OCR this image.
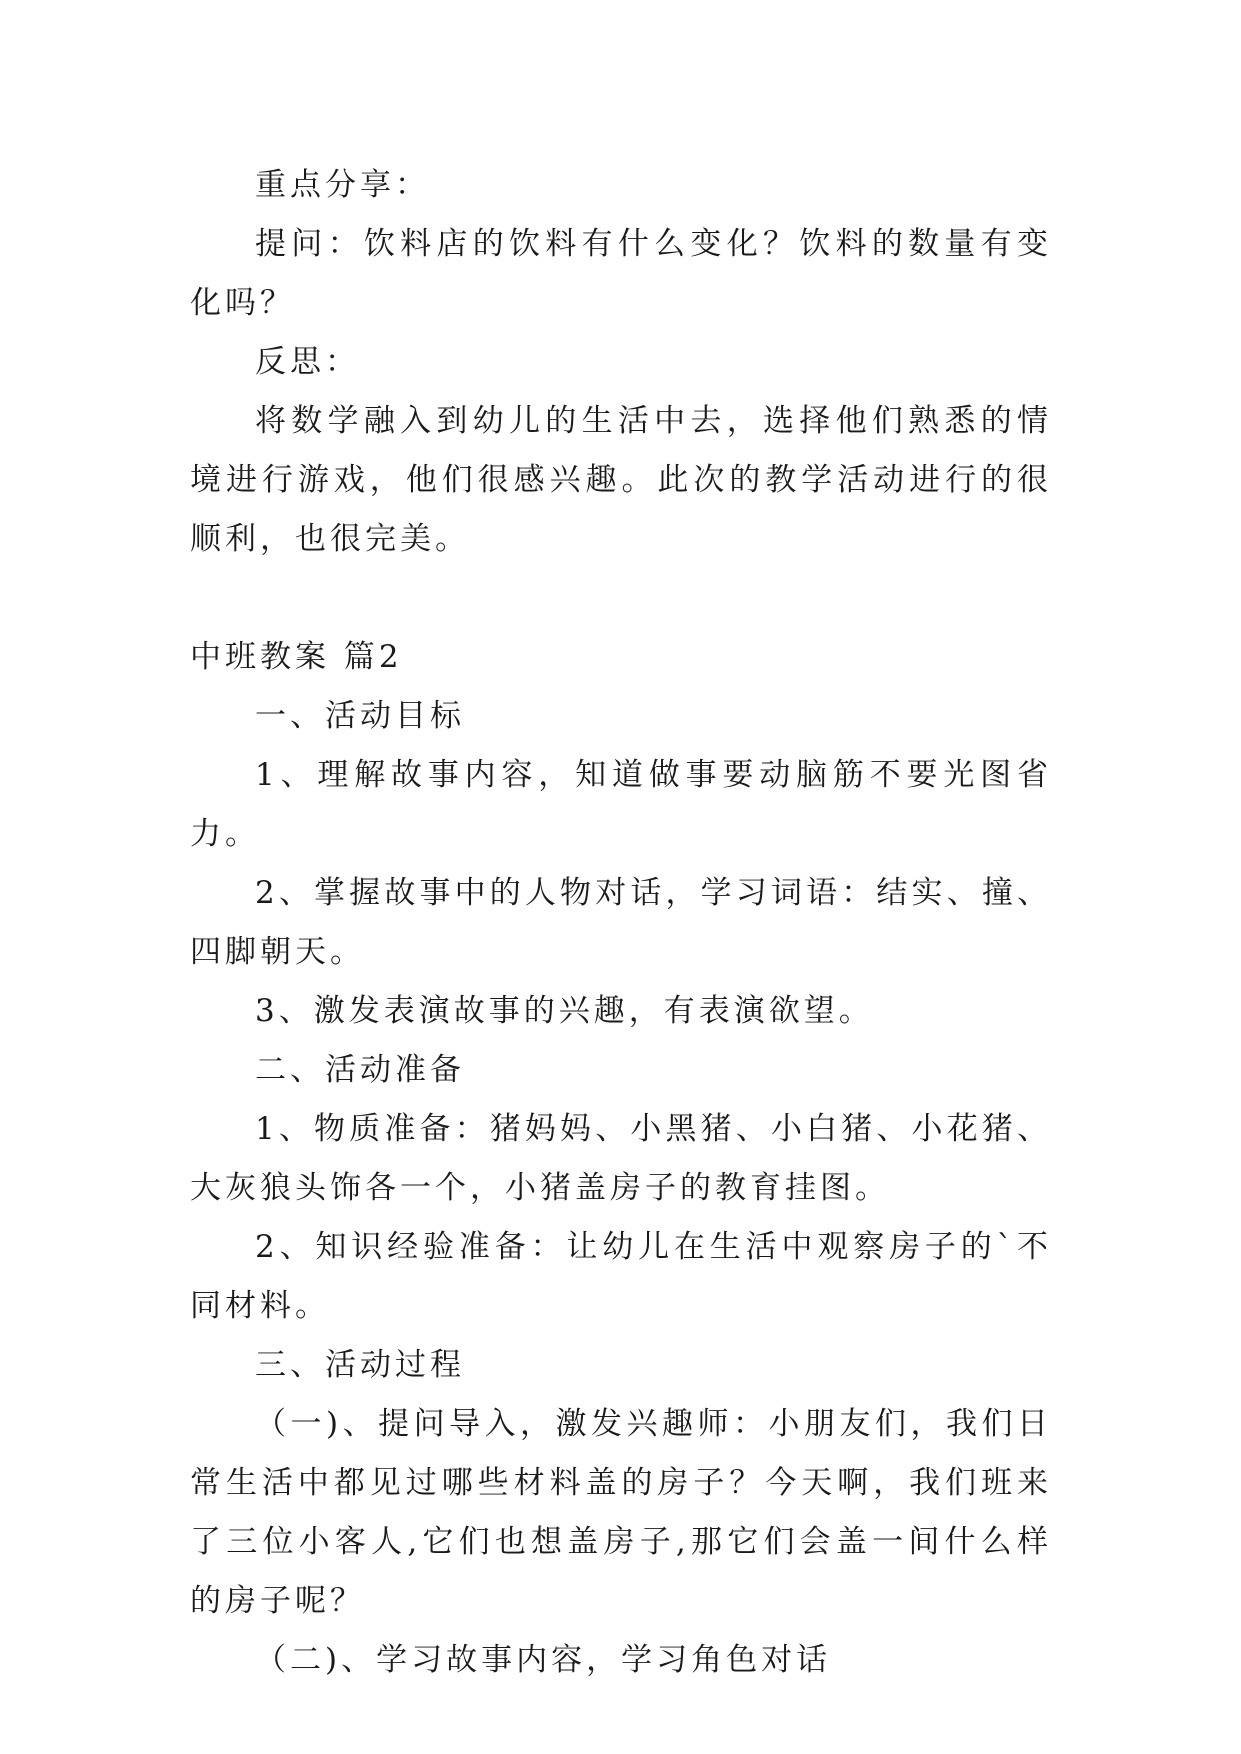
重点分享：

提问：饮料店的饮料有什么变化？饮料的数量有变化吗？

反思：

将数学融入到幼儿的生活中去，选择他们熟悉的情境进行游戏，他们很感兴趣。此次的教学活动进行的很顺利，也很完美。

中班教案 篇2

一、活动目标

1、理解故事内容，知道做事要动脑筋不要光图省力。

2、掌握故事中的人物对话，学习词语：结实、撞、四脚朝天。

3、激发表演故事的兴趣，有表演欲望。

二、活动准备

1、物质准备：猪妈妈、小黑猪、小白猪、小花猪、大灰狼头饰各一个，小猪盖房子的教育挂图。

2、知识经验准备：让幼儿在生活中观察房子的`不同材料。

三、活动过程

（一)、提问导入，激发兴趣师：小朋友们，我们日常生活中都见过哪些材料盖的房子？今天啊，我们班来了三位小客人,它们也想盖房子,那它们会盖一间什么样的房子呢？

（二)、学习故事内容，学习角色对话
